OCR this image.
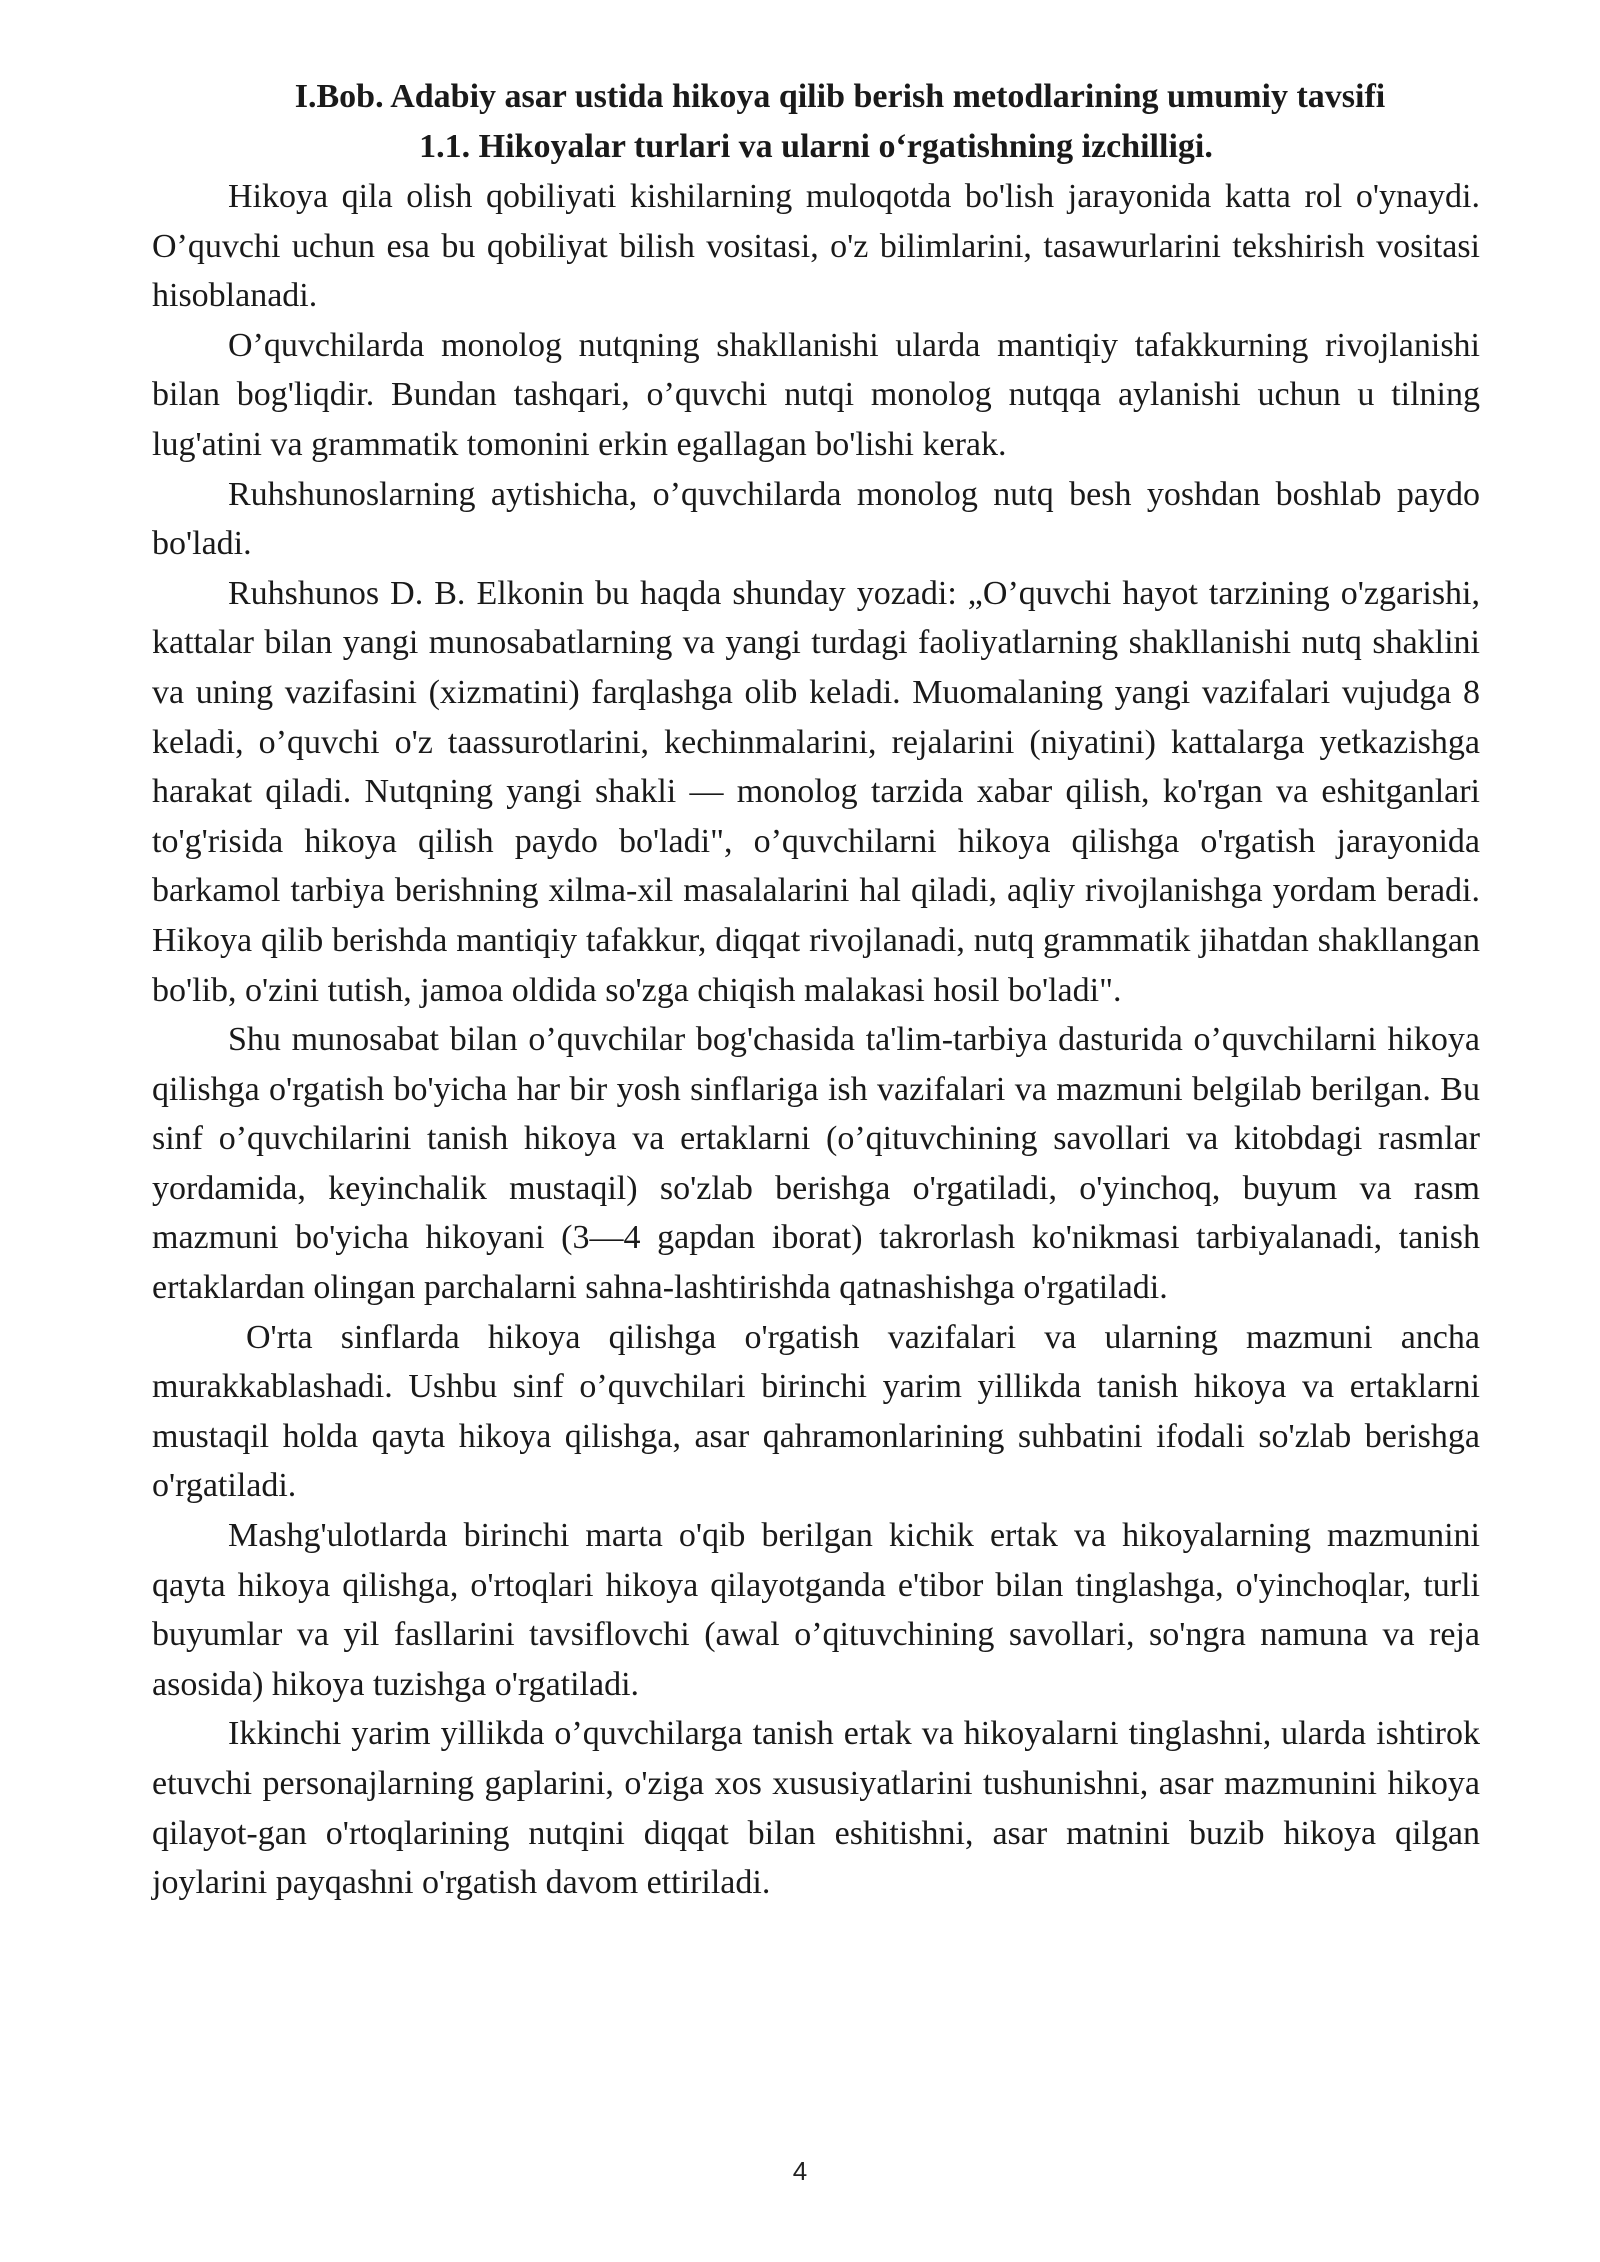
I.Bob. Adabiy asar ustida hikoya qilib berish metodlarining umumiy tavsifi
1.1. Hikoyalar turlari va ularni o‘rgatishning izchilligi.

Hikoya qila olish qobiliyati kishilarning muloqotda bo'lish jarayonida katta rol o'ynaydi. O’quvchi uchun esa bu qobiliyat bilish vositasi, o'z bilimlarini, tasawurlarini tekshirish vositasi hisoblanadi.

O’quvchilarda monolog nutqning shakllanishi ularda mantiqiy tafakkurning rivojlanishi bilan bog'liqdir. Bundan tashqari, o’quvchi nutqi monolog nutqqa aylanishi uchun u tilning lug'atini va grammatik tomonini erkin egallagan bo'lishi kerak.

Ruhshunoslarning aytishicha, o’quvchilarda monolog nutq besh yoshdan boshlab paydo bo'ladi.

Ruhshunos D. B. Elkonin bu haqda shunday yozadi: „O’quvchi hayot tarzining o'zgarishi, kattalar bilan yangi munosabatlarning va yangi turdagi faoliyatlarning shakllanishi nutq shaklini va uning vazifasini (xizmatini) farqlashga olib keladi. Muomalaning yangi vazifalari vujudga 8 keladi, o’quvchi o'z taassurotlarini, kechinmalarini, rejalarini (niyatini) kattalarga yetkazishga harakat qiladi. Nutqning yangi shakli — monolog tarzida xabar qilish, ko'rgan va eshitganlari to'g'risida hikoya qilish paydo bo'ladi", o’quvchilarni hikoya qilishga o'rgatish jarayonida barkamol tarbiya berishning xilma-xil masalalarini hal qiladi, aqliy rivojlanishga yordam beradi. Hikoya qilib berishda mantiqiy tafakkur, diqqat rivojlanadi, nutq grammatik jihatdan shakllangan bo'lib, o'zini tutish, jamoa oldida so'zga chiqish malakasi hosil bo'ladi".

Shu munosabat bilan o’quvchilar bog'chasida ta'lim-tarbiya dasturida o’quvchilarni hikoya qilishga o'rgatish bo'yicha har bir yosh sinflariga ish vazifalari va mazmuni belgilab berilgan. Bu sinf o’quvchilarini tanish hikoya va ertaklarni (o’qituvchining savollari va kitobdagi rasmlar yordamida, keyinchalik mustaqil) so'zlab berishga o'rgatiladi, o'yinchoq, buyum va rasm mazmuni bo'yicha hikoyani (3—4 gapdan iborat) takrorlash ko'nikmasi tarbiyalanadi, tanish ertaklardan olingan parchalarni sahna-lashtirishda qatnashishga o'rgatiladi.

O'rta sinflarda hikoya qilishga o'rgatish vazifalari va ularning mazmuni ancha murakkablashadi. Ushbu sinf o’quvchilari birinchi yarim yillikda tanish hikoya va ertaklarni mustaqil holda qayta hikoya qilishga, asar qahramonlarining suhbatini ifodali so'zlab berishga o'rgatiladi.

Mashg'ulotlarda birinchi marta o'qib berilgan kichik ertak va hikoyalarning mazmunini qayta hikoya qilishga, o'rtoqlari hikoya qilayotganda e'tibor bilan tinglashga, o'yinchoqlar, turli buyumlar va yil fasllarini tavsiflovchi (awal o’qituvchining savollari, so'ngra namuna va reja asosida) hikoya tuzishga o'rgatiladi.

Ikkinchi yarim yillikda o’quvchilarga tanish ertak va hikoyalarni tinglashni, ularda ishtirok etuvchi personajlarning gaplarini, o'ziga xos xususiyatlarini tushunishni, asar mazmunini hikoya qilayot-gan o'rtoqlarining nutqini diqqat bilan eshitishni, asar matnini buzib hikoya qilgan joylarini payqashni o'rgatish davom ettiriladi.

4
